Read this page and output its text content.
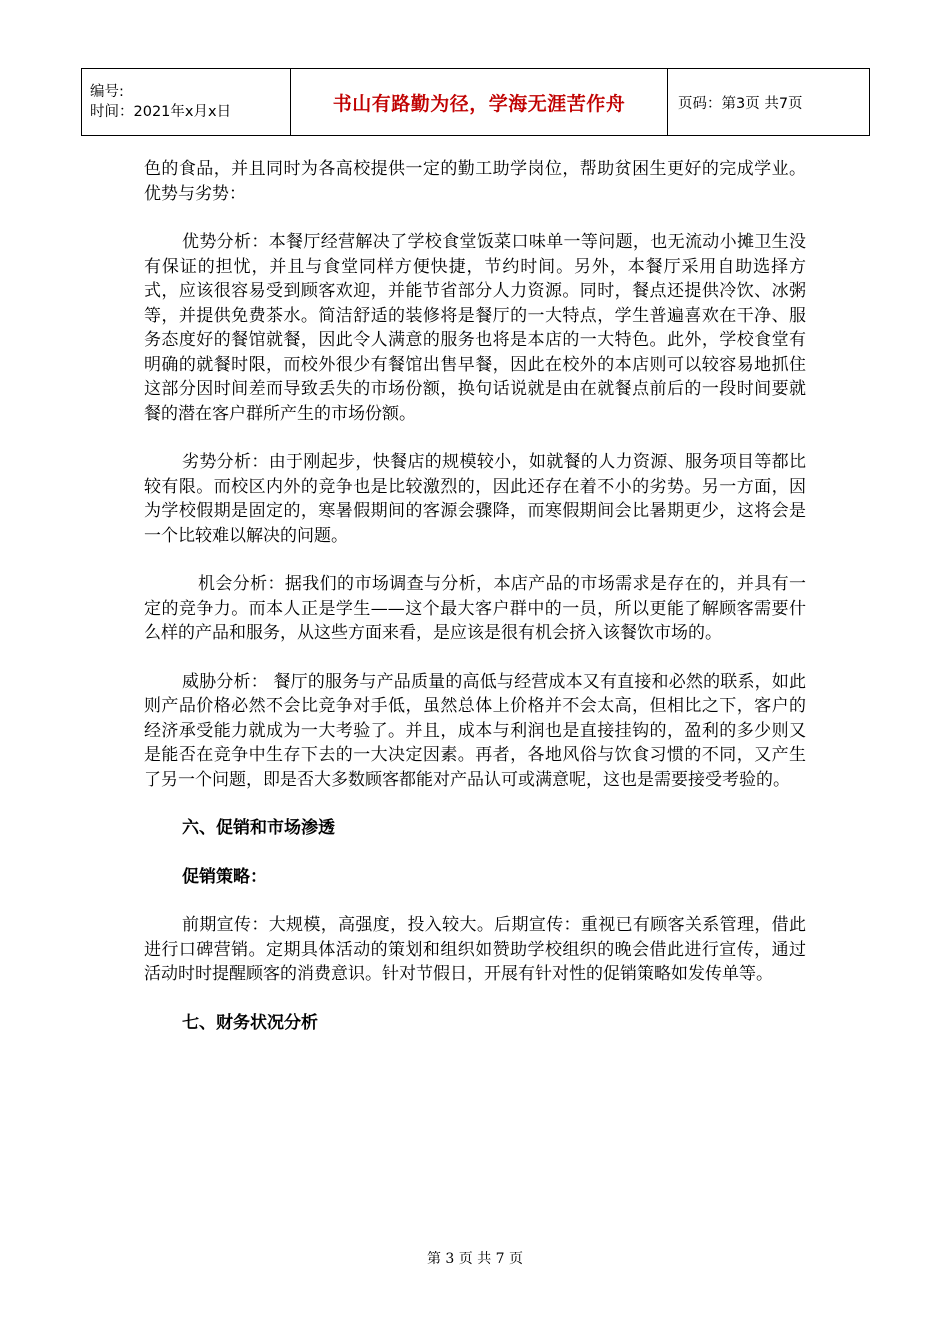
编号:
时间：2021年x月x日	书山有路勤为径，学海无涯苦作舟	页码：第3页 共7页

色的食品，并且同时为各高校提供一定的勤工助学岗位，帮助贫困生更好的完成学业。 优势与劣势：

优势分析：本餐厅经营解决了学校食堂饭菜口味单一等问题，也无流动小摊卫生没有保证的担忧，并且与食堂同样方便快捷，节约时间。另外，本餐厅采用自助选择方式，应该很容易受到顾客欢迎，并能节省部分人力资源。同时，餐点还提供冷饮、冰粥等，并提供免费茶水。简洁舒适的装修将是餐厅的一大特点，学生普遍喜欢在干净、服务态度好的餐馆就餐，因此令人满意的服务也将是本店的一大特色。此外，学校食堂有明确的就餐时限，而校外很少有餐馆出售早餐，因此在校外的本店则可以较容易地抓住这部分因时间差而导致丢失的市场份额，换句话说就是由在就餐点前后的一段时间要就餐的潜在客户群所产生的市场份额。

劣势分析：由于刚起步，快餐店的规模较小，如就餐的人力资源、服务项目等都比较有限。而校区内外的竞争也是比较激烈的，因此还存在着不小的劣势。另一方面，因为学校假期是固定的，寒暑假期间的客源会骤降，而寒假期间会比暑期更少，这将会是一个比较难以解决的问题。

机会分析：据我们的市场调查与分析，本店产品的市场需求是存在的，并具有一定的竞争力。而本人正是学生——这个最大客户群中的一员，所以更能了解顾客需要什么样的产品和服务，从这些方面来看，是应该是很有机会挤入该餐饮市场的。

威胁分析： 餐厅的服务与产品质量的高低与经营成本又有直接和必然的联系，如此则产品价格必然不会比竞争对手低，虽然总体上价格并不会太高，但相比之下，客户的经济承受能力就成为一大考验了。并且，成本与利润也是直接挂钩的，盈利的多少则又是能否在竞争中生存下去的一大决定因素。再者，各地风俗与饮食习惯的不同，又产生了另一个问题，即是否大多数顾客都能对产品认可或满意呢，这也是需要接受考验的。

六、促销和市场渗透
促销策略：

前期宣传：大规模，高强度，投入较大。后期宣传：重视已有顾客关系管理，借此进行口碑营销。定期具体活动的策划和组织如赞助学校组织的晚会借此进行宣传，通过活动时时提醒顾客的消费意识。针对节假日，开展有针对性的促销策略如发传单等。

七、财务状况分析
第 3 页 共 7 页
